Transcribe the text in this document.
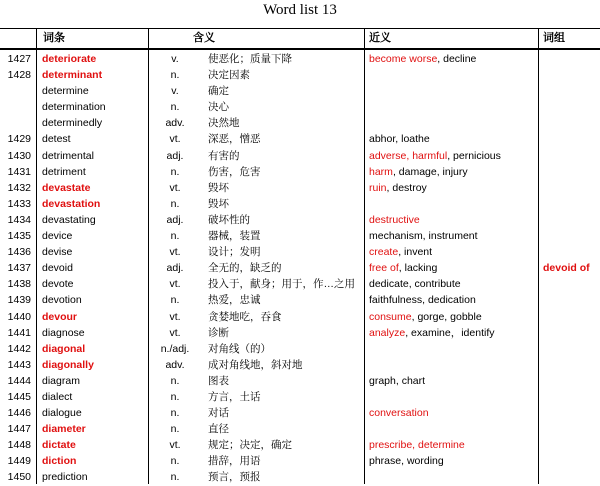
Word list 13
词条	含义	近义	词组
1427 deteriorate	v.	使恶化；质量下降	become worse, decline
1428 determinant	n.	决定因素
determine	v.	确定
determination	n.	决心
determinedly	adv.	决然地
1429 detest	vt.	深恶，憎恶	abhor, loathe
1430 detrimental	adj.	有害的	adverse, harmful, pernicious
1431 detriment	n.	伤害，危害	harm, damage, injury
1432 devastate	vt.	毁坏	ruin, destroy
1433 devastation	n.	毁坏
1434 devastating	adj.	破坏性的	destructive
1435 device	n.	器械，装置	mechanism, instrument
1436 devise	vt.	设计；发明	create, invent
1437 devoid	adj.	全无的，缺乏的	free of, lacking	devoid of
1438 devote	vt.	投入于，献身；用于，作…之用 dedicate, contribute
1439 devotion	n.	热爱，忠诚	faithfulness, dedication
1440 devour	vt.	贪婪地吃，吞食	consume, gorge, gobble
1441 diagnose	vt.	诊断	analyze, examine，identify
1442 diagonal	n./adj.	对角线（的）
1443 diagonally	adv.	成对角线地，斜对地
1444 diagram	n.	图表	graph, chart
1445 dialect	n.	方言，土话
1446 dialogue	n.	对话	conversation
1447 diameter	n.	直径
1448 dictate	vt.	规定；决定，确定	prescribe, determine
1449 diction	n.	措辞，用语	phrase, wording
1450 prediction	n.	预言，预报
